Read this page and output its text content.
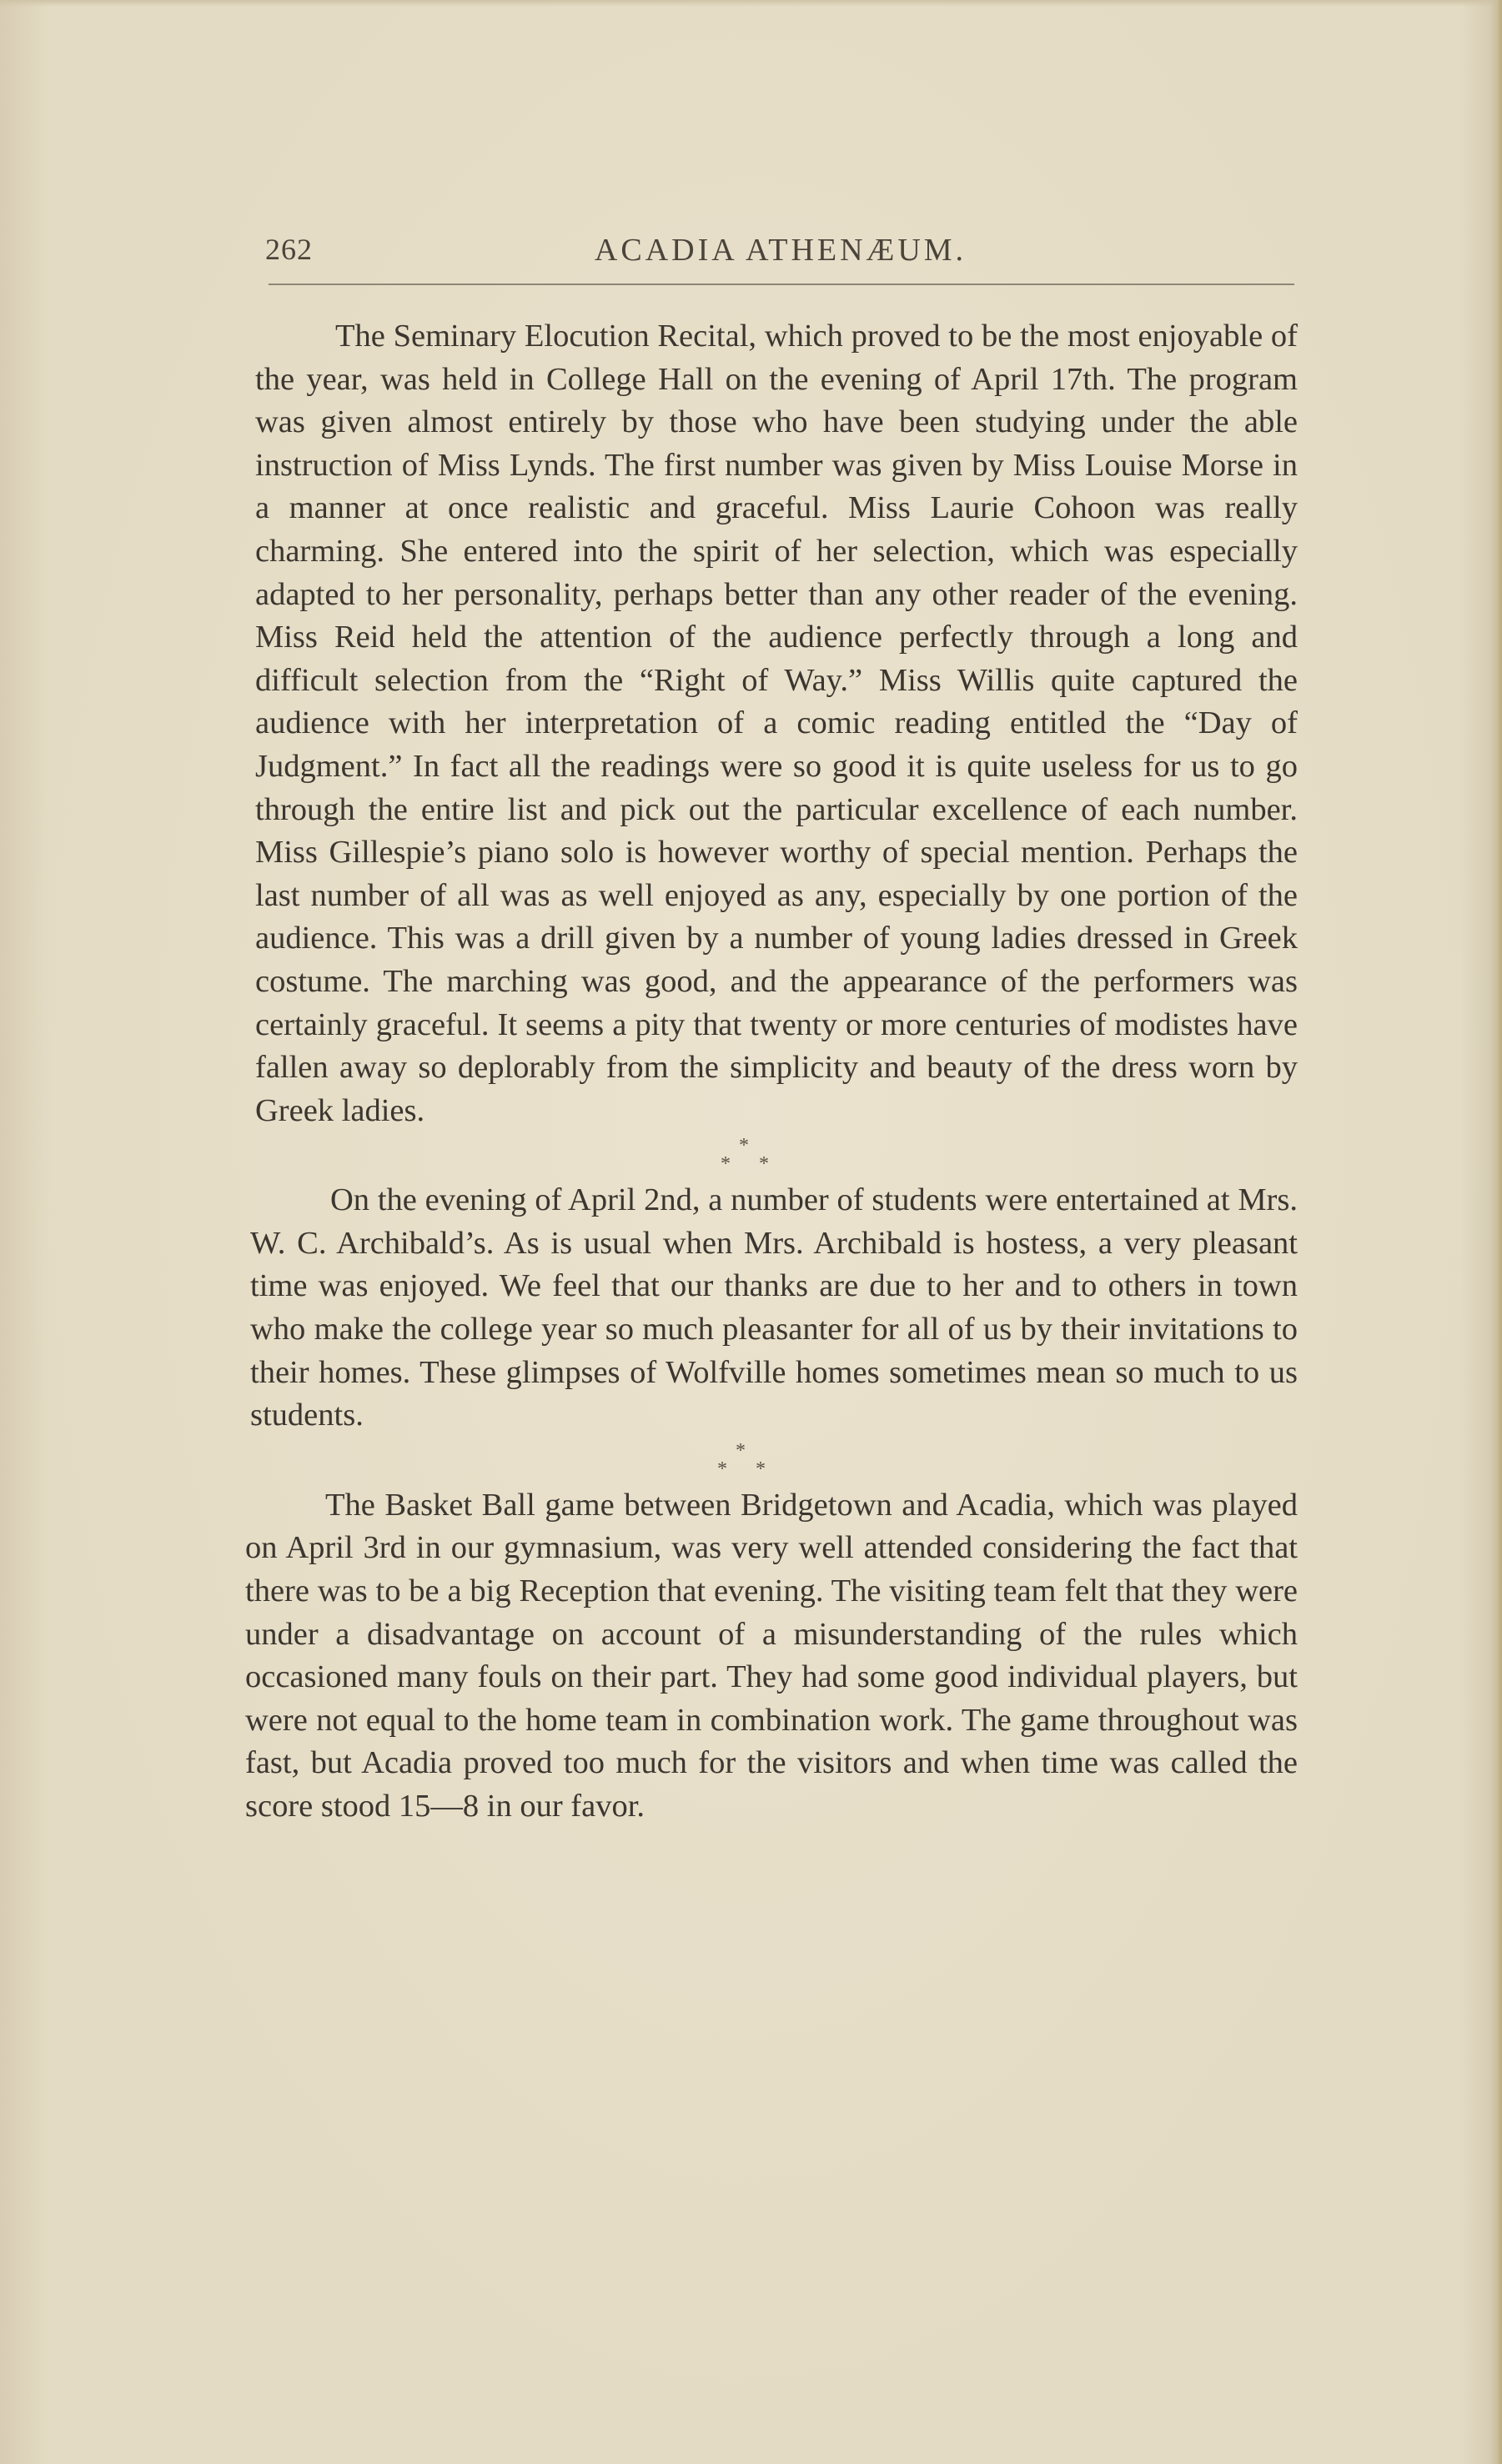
262	ACADIA ATHENÆUM.

The Seminary Elocution Recital, which proved to be the most enjoyable of the year, was held in College Hall on the evening of April 17th. The program was given almost entirely by those who have been studying under the able instruction of Miss Lynds. The first number was given by Miss Louise Morse in a manner at once realistic and graceful. Miss Laurie Cohoon was really charming. She entered into the spirit of her selection, which was especially adapted to her personality, perhaps better than any other reader of the evening. Miss Reid held the attention of the audience perfectly through a long and difficult selection from the “Right of Way.” Miss Willis quite captured the audience with her interpretation of a comic reading entitled the “Day of Judgment.” In fact all the readings were so good it is quite useless for us to go through the entire list and pick out the particular excellence of each number. Miss Gillespie’s piano solo is however worthy of special mention. Perhaps the last number of all was as well enjoyed as any, especially by one portion of the audience. This was a drill given by a number of young ladies dressed in Greek costume. The marching was good, and the appearance of the performers was certainly graceful. It seems a pity that twenty or more centuries of modistes have fallen away so deplorably from the simplicity and beauty of the dress worn by Greek ladies.

*
* *

On the evening of April 2nd, a number of students were entertained at Mrs. W. C. Archibald’s. As is usual when Mrs. Archibald is hostess, a very pleasant time was enjoyed. We feel that our thanks are due to her and to others in town who make the college year so much pleasanter for all of us by their invitations to their homes. These glimpses of Wolfville homes sometimes mean so much to us students.

*
* *

The Basket Ball game between Bridgetown and Acadia, which was played on April 3rd in our gymnasium, was very well attended considering the fact that there was to be a big Reception that evening. The visiting team felt that they were under a disadvantage on account of a misunderstanding of the rules which occasioned many fouls on their part. They had some good individual players, but were not equal to the home team in combination work. The game throughout was fast, but Acadia proved too much for the visitors and when time was called the score stood 15—8 in our favor.
